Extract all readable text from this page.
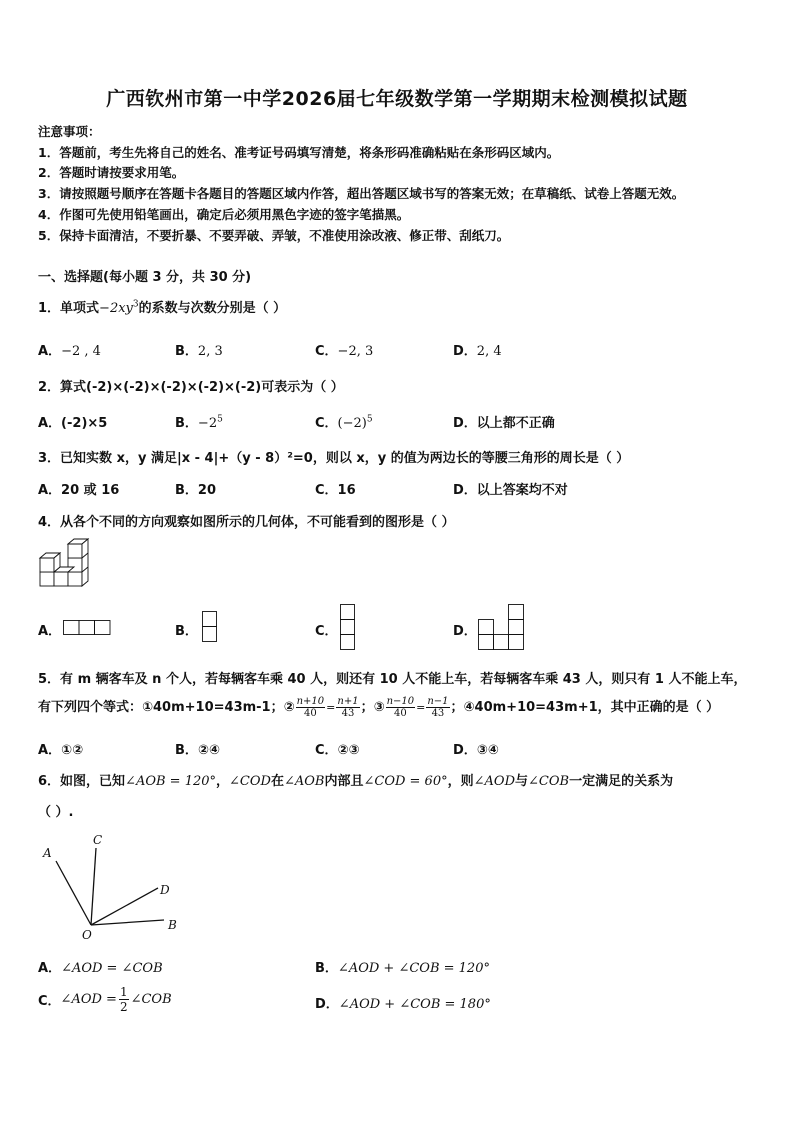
广西钦州市第一中学2026届七年级数学第一学期期末检测模拟试题
注意事项：
1．答题前，考生先将自己的姓名、准考证号码填写清楚，将条形码准确粘贴在条形码区域内。
2．答题时请按要求用笔。
3．请按照题号顺序在答题卡各题目的答题区域内作答，超出答题区域书写的答案无效；在草稿纸、试卷上答题无效。
4．作图可先使用铅笔画出，确定后必须用黑色字迹的签字笔描黑。
5．保持卡面清洁，不要折暴、不要弄破、弄皱，不准使用涂改液、修正带、刮纸刀。
一、选择题(每小题 3 分，共 30 分)
1．单项式$-2xy^3$的系数与次数分别是（ ）
A．−2 , 4	B．2, 3	C．−2, 3	D．2, 4
2．算式(-2)×(-2)×(-2)×(-2)×(-2)可表示为（ ）
A．(-2)×5	B．$-2^5$	C．$(-2)^5$	D．以上都不正确
3．已知实数 x，y 满足|x - 4|+（y - 8）²=0，则以 x，y 的值为两边长的等腰三角形的周长是（ ）
A．20 或 16	B．20	C．16	D．以上答案均不对
4．从各个不同的方向观察如图所示的几何体，不可能看到的图形是（ ）
A．	B．	C．	D．
5．有 m 辆客车及 n 个人，若每辆客车乘 40 人，则还有 10 人不能上车，若每辆客车乘 43 人，则只有 1 人不能上车，
有下列四个等式：①40m+10=43m-1；② $\frac{n+10}{40} = \frac{n+1}{43}$ ；③ $\frac{n-10}{40} = \frac{n-1}{43}$ ；④40m+10=43m+1，其中正确的是（ ）
A．①②	B．②④	C．②③	D．③④
6．如图，已知∠AOB = 120°，∠COD在∠AOB内部且∠COD = 60°，则∠AOD与∠COB一定满足的关系为
（ ）.
A
C
D
B
O
A．∠AOD = ∠COB	B．∠AOD + ∠COB = 120°
C．∠AOD = $\frac{1}{2}$ ∠COB	D．∠AOD + ∠COB = 180°
